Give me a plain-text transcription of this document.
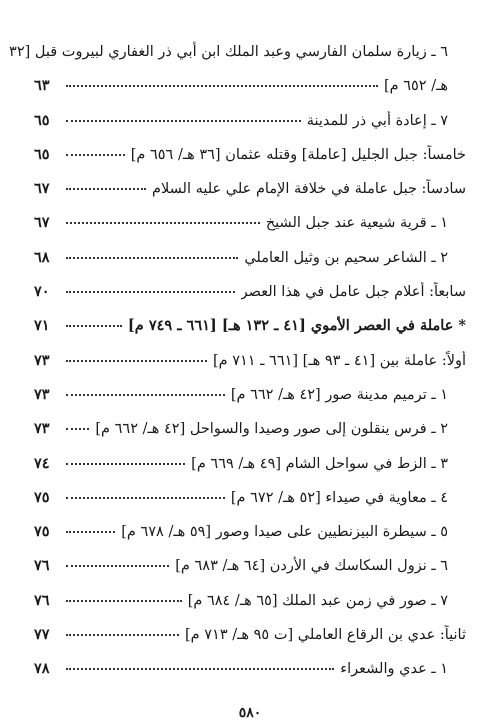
٦ ـ زيارة سلمان الفارسي وعبد الملك ابن أبي ذر الغفاري لبيروت قبل [٣٢
هـ/ ٦٥٢ م]
٦٣
٧ ـ إعادة أبي ذر للمدينة
٦٥
خامساً: جبل الجليل [عاملة] وقتله عثمان [٣٦ هـ/ ٦٥٦ م]
٦٥
سادساً: جبل عاملة في خلافة الإمام علي عليه السلام
٦٧
١ ـ قرية شيعية عند جبل الشيخ
٦٧
٢ ـ الشاعر سحيم بن وثيل العاملي
٦٨
سابعاً: أعلام جبل عامل في هذا العصر
٧٠
* عاملة في العصر الأموي [٤١ ـ ١٣٢ هـ] [٦٦١ ـ ٧٤٩ م]
٧١
أولاً: عاملة بين [٤١ ـ ٩٣ هـ] [٦٦١ ـ ٧١١ م]
٧٣
١ ـ ترميم مدينة صور [٤٢ هـ/ ٦٦٢ م]
٧٣
٢ ـ فرس ينقلون إلى صور وصيدا والسواحل [٤٢ هـ/ ٦٦٢ م]
٧٣
٣ ـ الزط في سواحل الشام [٤٩ هـ/ ٦٦٩ م]
٧٤
٤ ـ معاوية في صيداء [٥٢ هـ/ ٦٧٢ م]
٧٥
٥ ـ سيطرة البيزنطيين على صيدا وصور [٥٩ هـ/ ٦٧٨ م]
٧٥
٦ ـ نزول السكاسك في الأردن [٦٤ هـ/ ٦٨٣ م]
٧٦
٧ ـ صور في زمن عبد الملك [٦٥ هـ/ ٦٨٤ م]
٧٦
ثانياً: عدي بن الرقاع العاملي [ت ٩٥ هـ/ ٧١٣ م]
٧٧
١ ـ عدي والشعراء
٧٨
٥٨٠
